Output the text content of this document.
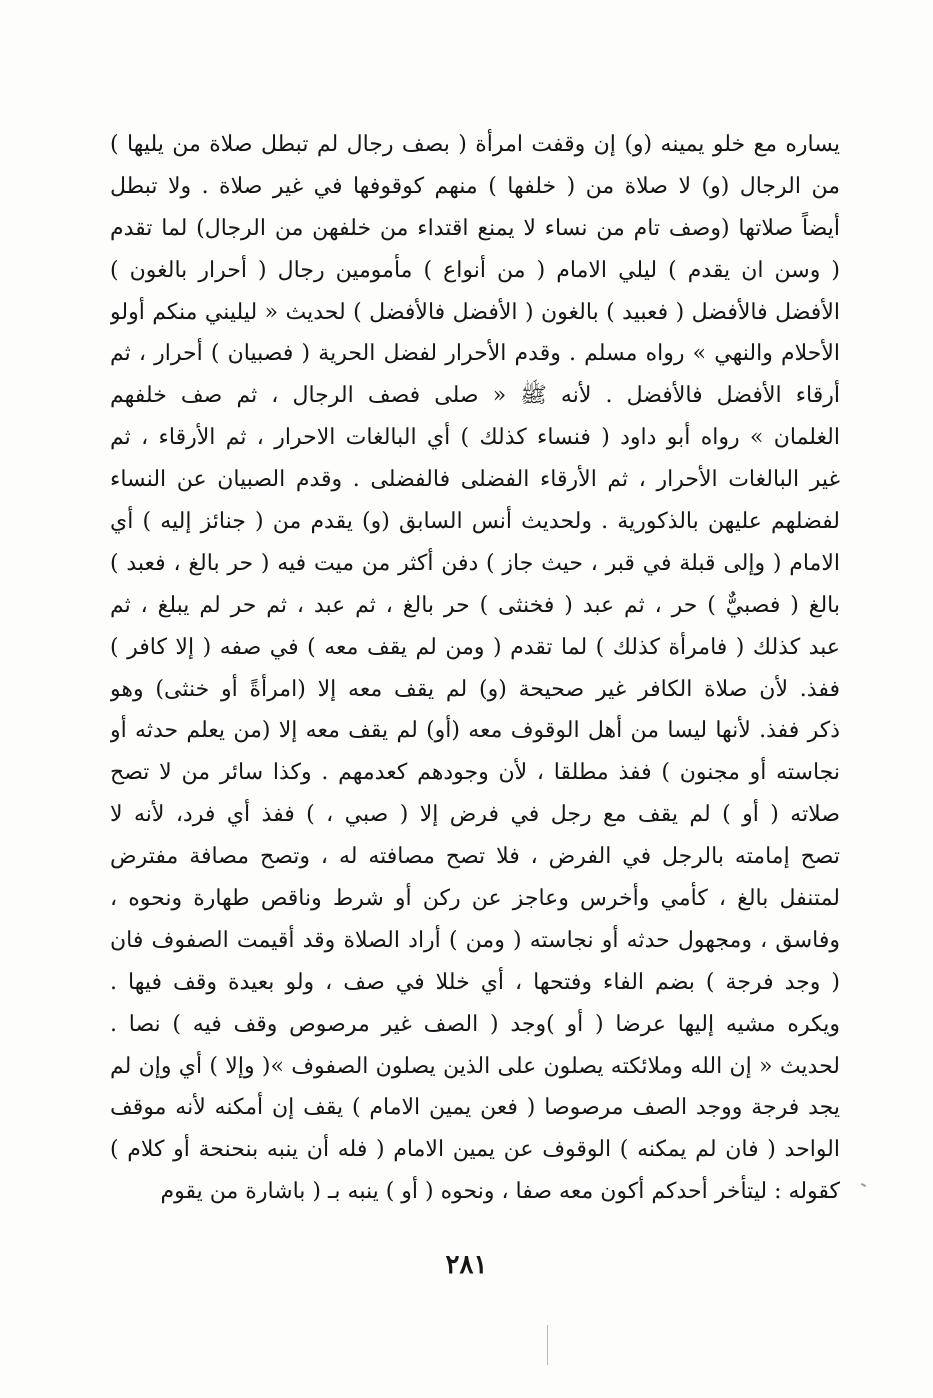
يساره مع خلو يمينه (و) إن وقفت امرأة ( بصف رجال لم تبطل صلاة من يليها )
من الرجال (و) لا صلاة من ( خلفها ) منهم كوقوفها في غير صلاة . ولا تبطل
أيضاً صلاتها (وصف تام من نساء لا يمنع اقتداء من خلفهن من الرجال) لما تقدم
( وسن ان يقدم ) ليلي الامام ( من أنواع ) مأمومين رجال ( أحرار بالغون )
الأفضل فالأفضل ( فعبيد ) بالغون ( الأفضل فالأفضل ) لحديث « ليليني منكم أولو
الأحلام والنهي » رواه مسلم . وقدم الأحرار لفضل الحرية ( فصبيان ) أحرار ، ثم
أرقاء الأفضل فالأفضل . لأنه ﷺ « صلى فصف الرجال ، ثم صف خلفهم
الغلمان » رواه أبو داود ( فنساء كذلك ) أي البالغات الاحرار ، ثم الأرقاء ، ثم
غير البالغات الأحرار ، ثم الأرقاء الفضلى فالفضلى . وقدم الصبيان عن النساء
لفضلهم عليهن بالذكورية . ولحديث أنس السابق (و) يقدم من ( جنائز إليه ) أي
الامام ( وإلى قبلة في قبر ، حيث جاز ) دفن أكثر من ميت فيه ( حر بالغ ، فعبد )
بالغ ( فصبيٌّ ) حر ، ثم عبد ( فخنثى ) حر بالغ ، ثم عبد ، ثم حر لم يبلغ ، ثم
عبد كذلك ( فامرأة كذلك ) لما تقدم ( ومن لم يقف معه ) في صفه ( إلا كافر )
ففذ. لأن صلاة الكافر غير صحيحة (و) لم يقف معه إلا (امرأةً أو خنثى) وهو
ذكر ففذ. لأنها ليسا من أهل الوقوف معه (أو) لم يقف معه إلا (من يعلم حدثه أو
نجاسته أو مجنون ) ففذ مطلقا ، لأن وجودهم كعدمهم . وكذا سائر من لا تصح
صلاته ( أو ) لم يقف مع رجل في فرض إلا ( صبي ، ) ففذ أي فرد، لأنه لا
تصح إمامته بالرجل في الفرض ، فلا تصح مصافته له ، وتصح مصافة مفترض
لمتنفل بالغ ، كأمي وأخرس وعاجز عن ركن أو شرط وناقص طهارة ونحوه ،
وفاسق ، ومجهول حدثه أو نجاسته ( ومن ) أراد الصلاة وقد أقيمت الصفوف فان
( وجد فرجة ) بضم الفاء وفتحها ، أي خللا في صف ، ولو بعيدة وقف فيها .
ويكره مشيه إليها عرضا ( أو )وجد ( الصف غير مرصوص وقف فيه ) نصا .
لحديث « إن الله وملائكته يصلون على الذين يصلون الصفوف »( وإلا ) أي وإن لم
يجد فرجة ووجد الصف مرصوصا ( فعن يمين الامام ) يقف إن أمكنه لأنه موقف
الواحد ( فان لم يمكنه ) الوقوف عن يمين الامام ( فله أن ينبه بنحنحة أو كلام )
كقوله : ليتأخر أحدكم أكون معه صفا ، ونحوه ( أو ) ينبه بـ ( باشارة من يقوم
٢٨١
